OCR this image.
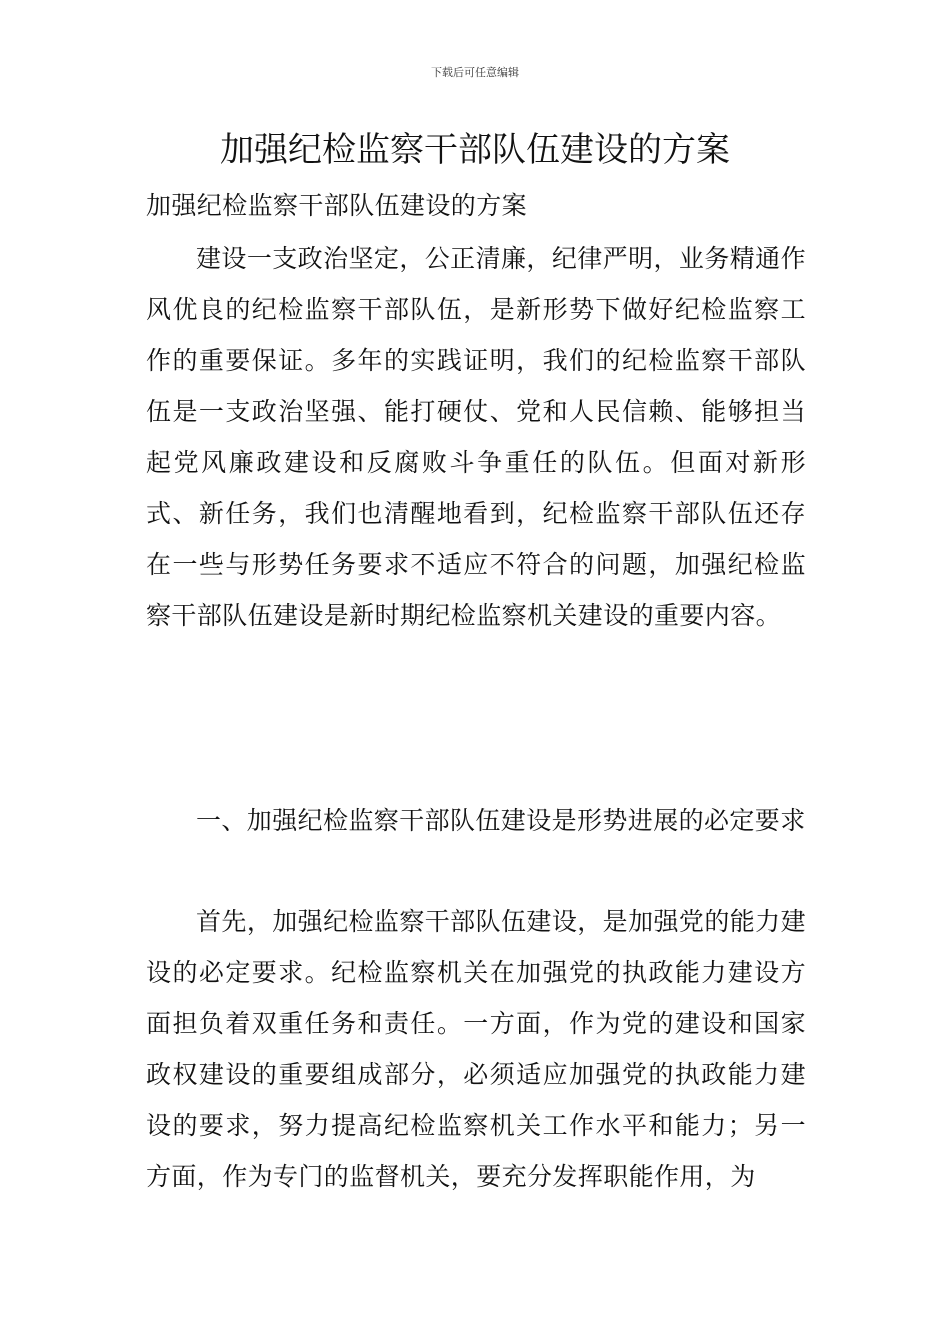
下载后可任意编辑
加强纪检监察干部队伍建设的方案

加强纪检监察干部队伍建设的方案

建设一支政治坚定，公正清廉，纪律严明，业务精通作风优良的纪检监察干部队伍，是新形势下做好纪检监察工作的重要保证。多年的实践证明，我们的纪检监察干部队伍是一支政治坚强、能打硬仗、党和人民信赖、能够担当起党风廉政建设和反腐败斗争重任的队伍。但面对新形式、新任务，我们也清醒地看到，纪检监察干部队伍还存在一些与形势任务要求不适应不符合的问题，加强纪检监察干部队伍建设是新时期纪检监察机关建设的重要内容。

一、加强纪检监察干部队伍建设是形势进展的必定要求

首先，加强纪检监察干部队伍建设，是加强党的能力建设的必定要求。纪检监察机关在加强党的执政能力建设方面担负着双重任务和责任。一方面，作为党的建设和国家政权建设的重要组成部分，必须适应加强党的执政能力建设的要求，努力提高纪检监察机关工作水平和能力；另一方面，作为专门的监督机关，要充分发挥职能作用，为
